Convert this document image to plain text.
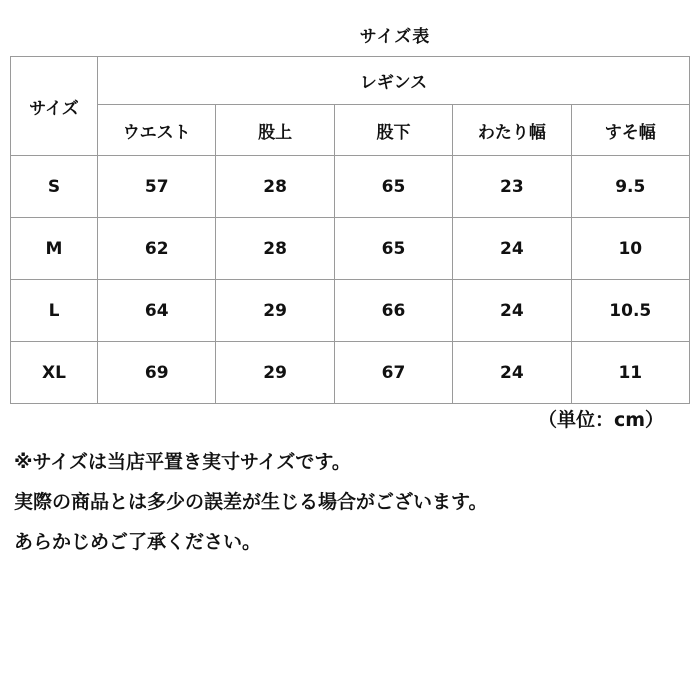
サイズ表
サイズ	レギンス				
	ウエスト	股上	股下	わたり幅	すそ幅
S	57	28	65	23	9.5
M	62	28	65	24	10
L	64	29	66	24	10.5
XL	69	29	67	24	11
（単位：cm）
※サイズは当店平置き実寸サイズです。
実際の商品とは多少の誤差が生じる場合がございます。
あらかじめご了承ください。
